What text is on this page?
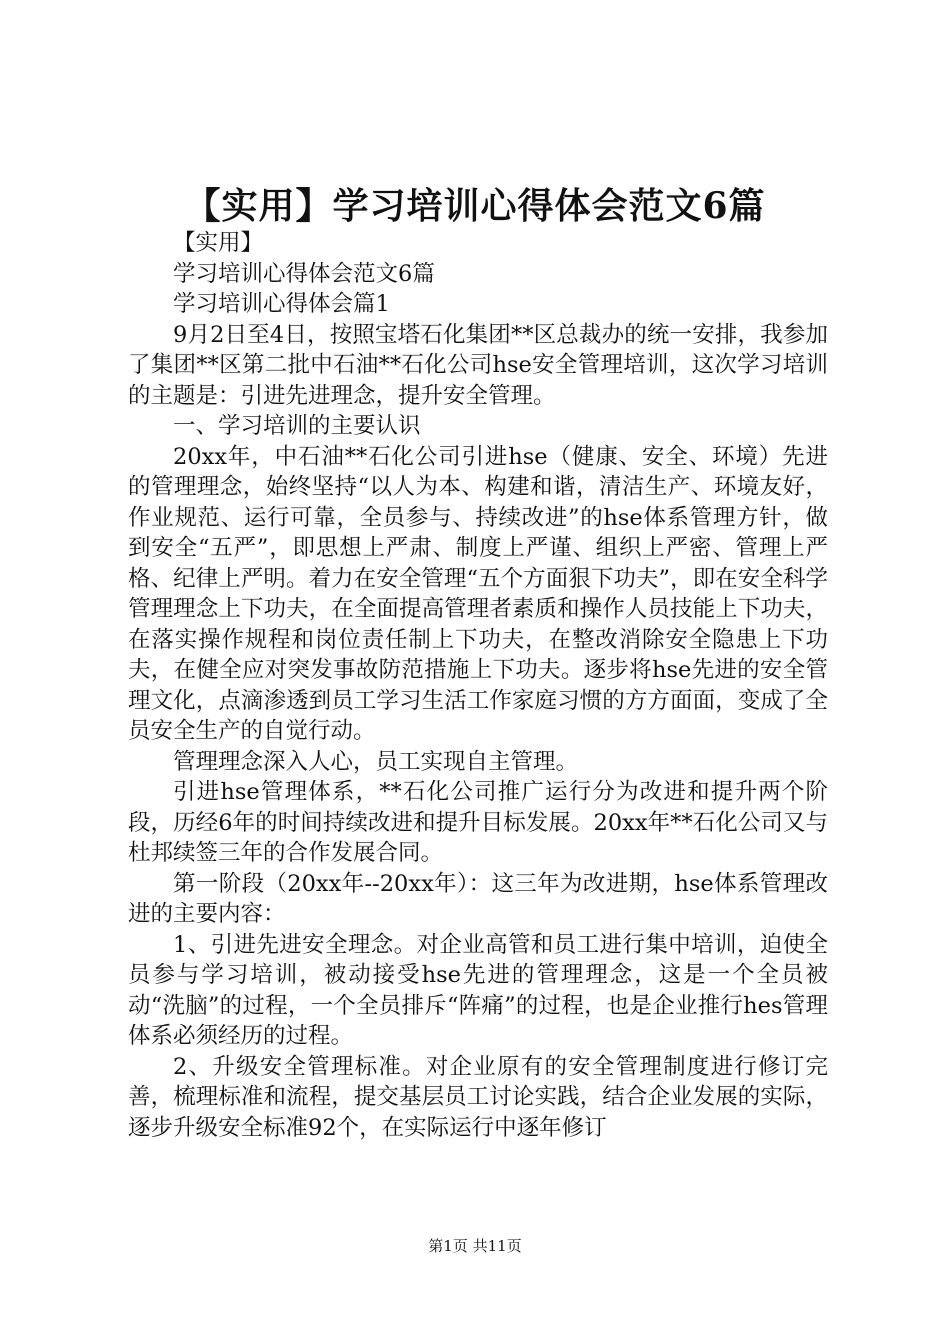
【实用】学习培训心得体会范文6篇

【实用】

学习培训心得体会范文6篇

学习培训心得体会篇1

9月2日至4日，按照宝塔石化集团**区总裁办的统一安排，我参加了集团**区第二批中石油**石化公司hse安全管理培训，这次学习培训的主题是：引进先进理念，提升安全管理。

一、学习培训的主要认识

20xx年，中石油**石化公司引进hse（健康、安全、环境）先进的管理理念，始终坚持“以人为本、构建和谐，清洁生产、环境友好，作业规范、运行可靠，全员参与、持续改进”的hse体系管理方针，做到安全“五严”，即思想上严肃、制度上严谨、组织上严密、管理上严格、纪律上严明。着力在安全管理“五个方面狠下功夫”，即在安全科学管理理念上下功夫，在全面提高管理者素质和操作人员技能上下功夫，在落实操作规程和岗位责任制上下功夫，在整改消除安全隐患上下功夫，在健全应对突发事故防范措施上下功夫。逐步将hse先进的安全管理文化，点滴渗透到员工学习生活工作家庭习惯的方方面面，变成了全员安全生产的自觉行动。

管理理念深入人心，员工实现自主管理。

引进hse管理体系，**石化公司推广运行分为改进和提升两个阶段，历经6年的时间持续改进和提升目标发展。20xx年**石化公司又与杜邦续签三年的合作发展合同。

第一阶段（20xx年--20xx年）：这三年为改进期，hse体系管理改进的主要内容：

1、引进先进安全理念。对企业高管和员工进行集中培训，迫使全员参与学习培训，被动接受hse先进的管理理念，这是一个全员被动“洗脑”的过程，一个全员排斥“阵痛”的过程，也是企业推行hes管理体系必须经历的过程。

2、升级安全管理标准。对企业原有的安全管理制度进行修订完善，梳理标准和流程，提交基层员工讨论实践，结合企业发展的实际，逐步升级安全标准92个，在实际运行中逐年修订

第1页 共11页
